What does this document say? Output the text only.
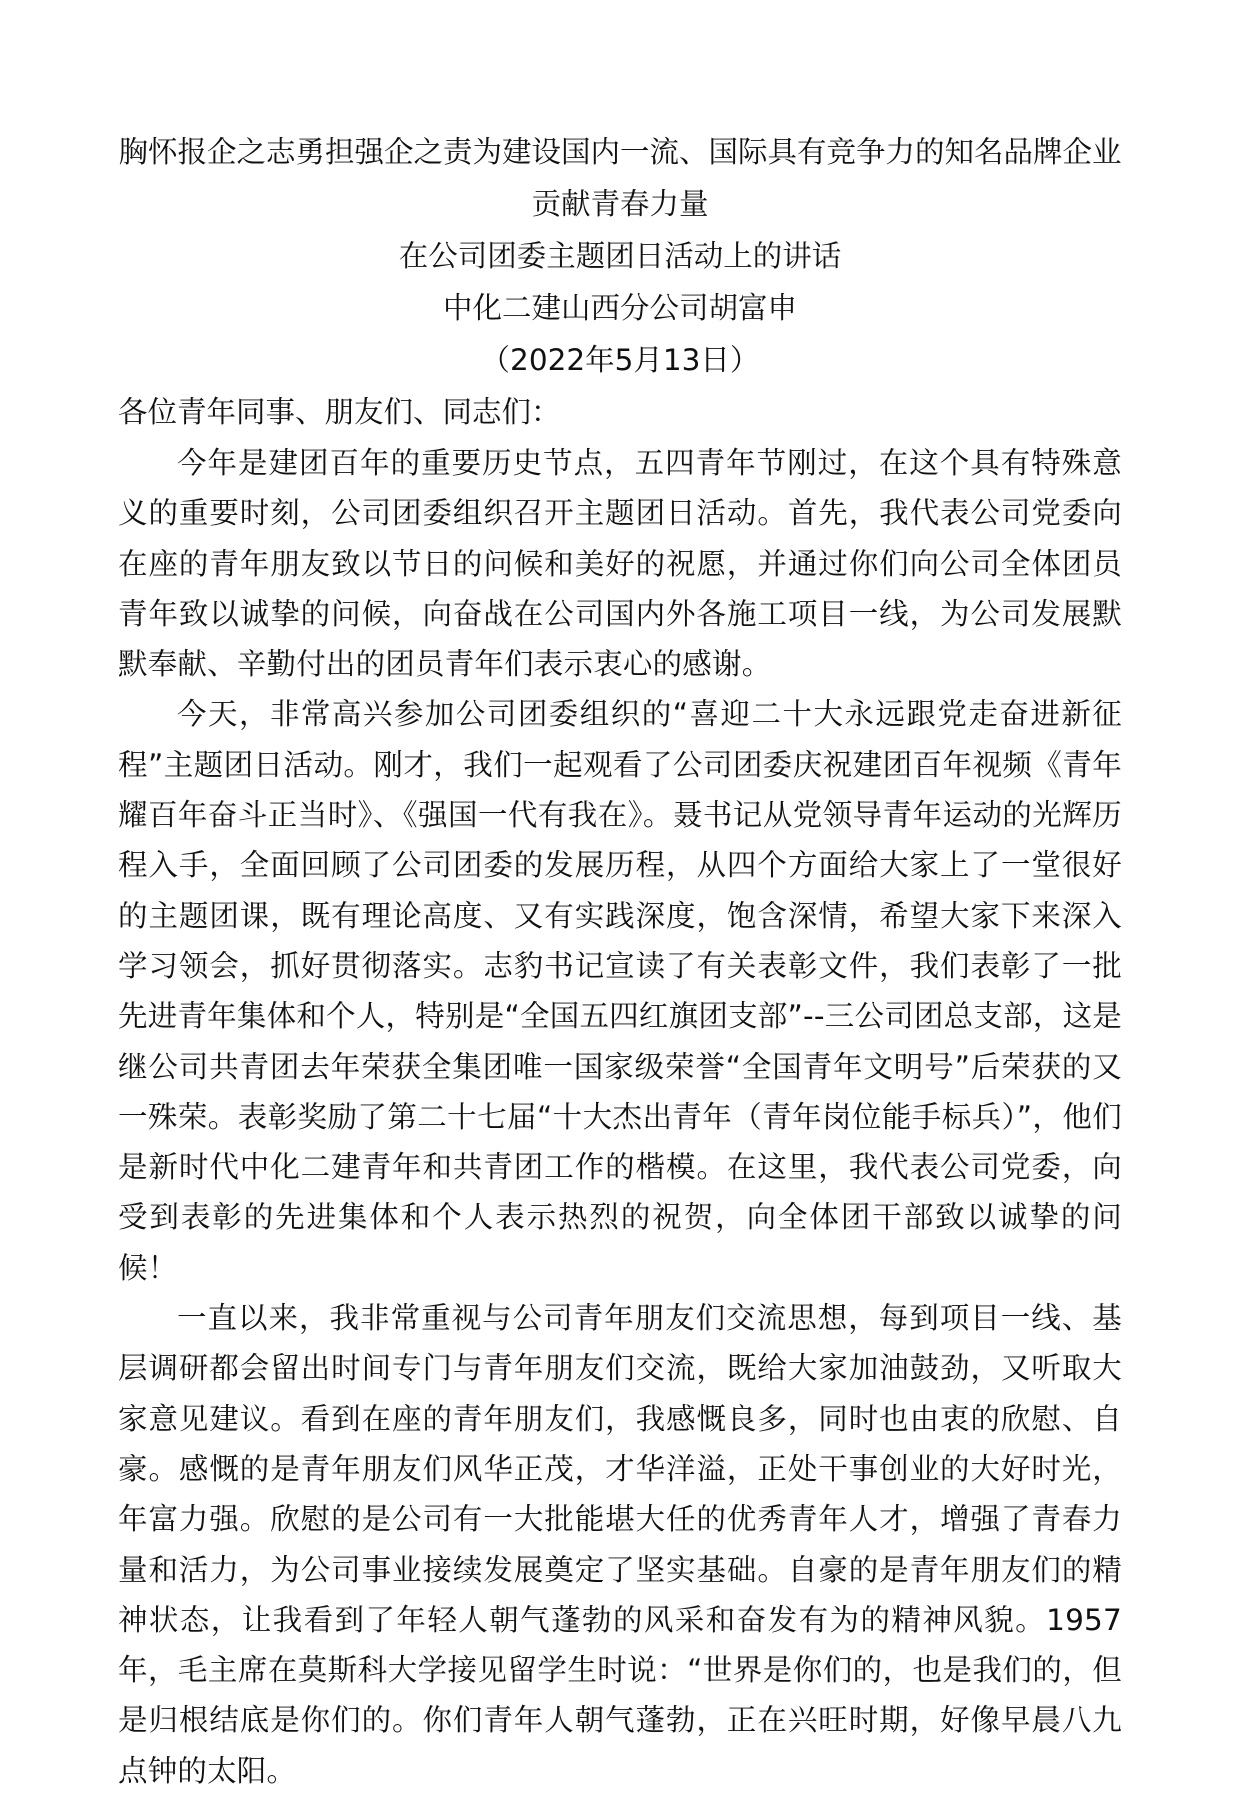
胸怀报企之志勇担强企之责为建设国内一流、国际具有竞争力的知名品牌企业
贡献青春力量
在公司团委主题团日活动上的讲话
中化二建山西分公司胡富申
（2022年5月13日）

各位青年同事、朋友们、同志们：

今年是建团百年的重要历史节点，五四青年节刚过，在这个具有特殊意义的重要时刻，公司团委组织召开主题团日活动。首先，我代表公司党委向在座的青年朋友致以节日的问候和美好的祝愿，并通过你们向公司全体团员青年致以诚挚的问候，向奋战在公司国内外各施工项目一线，为公司发展默默奉献、辛勤付出的团员青年们表示衷心的感谢。

今天，非常高兴参加公司团委组织的“喜迎二十大永远跟党走奋进新征程”主题团日活动。刚才，我们一起观看了公司团委庆祝建团百年视频《青年耀百年奋斗正当时》、《强国一代有我在》。聂书记从党领导青年运动的光辉历程入手，全面回顾了公司团委的发展历程，从四个方面给大家上了一堂很好的主题团课，既有理论高度、又有实践深度，饱含深情，希望大家下来深入学习领会，抓好贯彻落实。志豹书记宣读了有关表彰文件，我们表彰了一批先进青年集体和个人，特别是“全国五四红旗团支部”--三公司团总支部，这是继公司共青团去年荣获全集团唯一国家级荣誉“全国青年文明号”后荣获的又一殊荣。表彰奖励了第二十七届“十大杰出青年（青年岗位能手标兵）”，他们是新时代中化二建青年和共青团工作的楷模。在这里，我代表公司党委，向受到表彰的先进集体和个人表示热烈的祝贺，向全体团干部致以诚挚的问候！

一直以来，我非常重视与公司青年朋友们交流思想，每到项目一线、基层调研都会留出时间专门与青年朋友们交流，既给大家加油鼓劲，又听取大家意见建议。看到在座的青年朋友们，我感慨良多，同时也由衷的欣慰、自豪。感慨的是青年朋友们风华正茂，才华洋溢，正处干事创业的大好时光，年富力强。欣慰的是公司有一大批能堪大任的优秀青年人才，增强了青春力量和活力，为公司事业接续发展奠定了坚实基础。自豪的是青年朋友们的精神状态，让我看到了年轻人朝气蓬勃的风采和奋发有为的精神风貌。1957年，毛主席在莫斯科大学接见留学生时说：“世界是你们的，也是我们的，但是归根结底是你们的。你们青年人朝气蓬勃，正在兴旺时期，好像早晨八九点钟的太阳。
